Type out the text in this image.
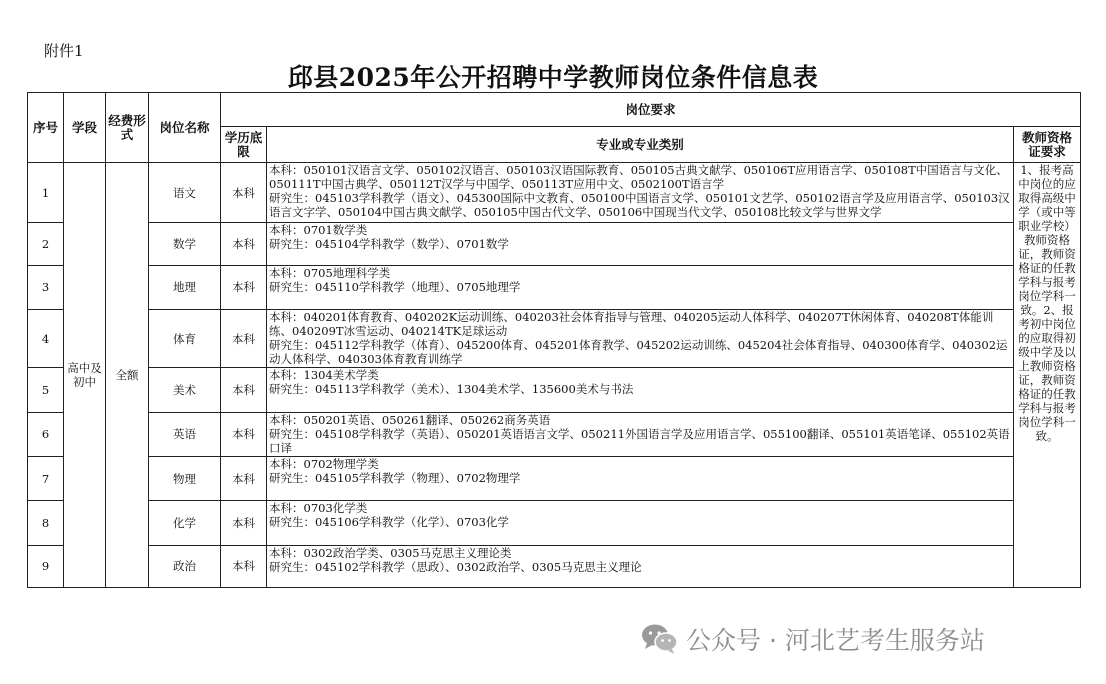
附件1
邱县2025年公开招聘中学教师岗位条件信息表
序号	学段	经费形式	岗位名称	岗位要求		
				学历底限	专业或专业类别	教师资格证要求
1	高中及初中	全额	语文	本科	本科：050101汉语言文学、050102汉语言、050103汉语国际教育、050105古典文献学、050106T应用语言学、050108T中国语言与文化、050111T中国古典学、050112T汉学与中国学、050113T应用中文、0502100T语言学
研究生：045103学科教学（语文）、045300国际中文教育、050100中国语言文学、050101文艺学、050102语言学及应用语言学、050103汉语言文字学、050104中国古典文献学、050105中国古代文学、050106中国现当代文学、050108比较文学与世界文学	1、报考高中岗位的应取得高级中学（或中等职业学校）教师资格证，教师资格证的任教学科与报考岗位学科一致。2、报考初中岗位的应取得初级中学及以上教师资格证，教师资格证的任教学科与报考岗位学科一致。
2			数学	本科	本科：0701数学类
研究生：045104学科教学（数学）、0701数学	

3			地理	本科	本科：0705地理科学类
研究生：045110学科教学（地理）、0705地理学	

4			体育	本科	本科：040201体育教育、040202K运动训练、040203社会体育指导与管理、040205运动人体科学、040207T休闲体育、040208T体能训练、040209T冰雪运动、040214TK足球运动
研究生：045112学科教学（体育）、045200体育、045201体育教学、045202运动训练、045204社会体育指导、040300体育学、040302运动人体科学、040303体育教育训练学	

5			美术	本科	本科：1304美术学类
研究生：045113学科教学（美术）、1304美术学、135600美术与书法	

6			英语	本科	本科：050201英语、050261翻译、050262商务英语
研究生：045108学科教学（英语）、050201英语语言文学、050211外国语言学及应用语言学、055100翻译、055101英语笔译、055102英语口译	

7			物理	本科	本科：0702物理学类
研究生：045105学科教学（物理）、0702物理学	

8			化学	本科	本科：0703化学类
研究生：045106学科教学（化学）、0703化学	

9			政治	本科	本科：0302政治学类、0305马克思主义理论类
研究生：045102学科教学（思政）、0302政治学、0305马克思主义理论	
公众号 · 河北艺考生服务站
